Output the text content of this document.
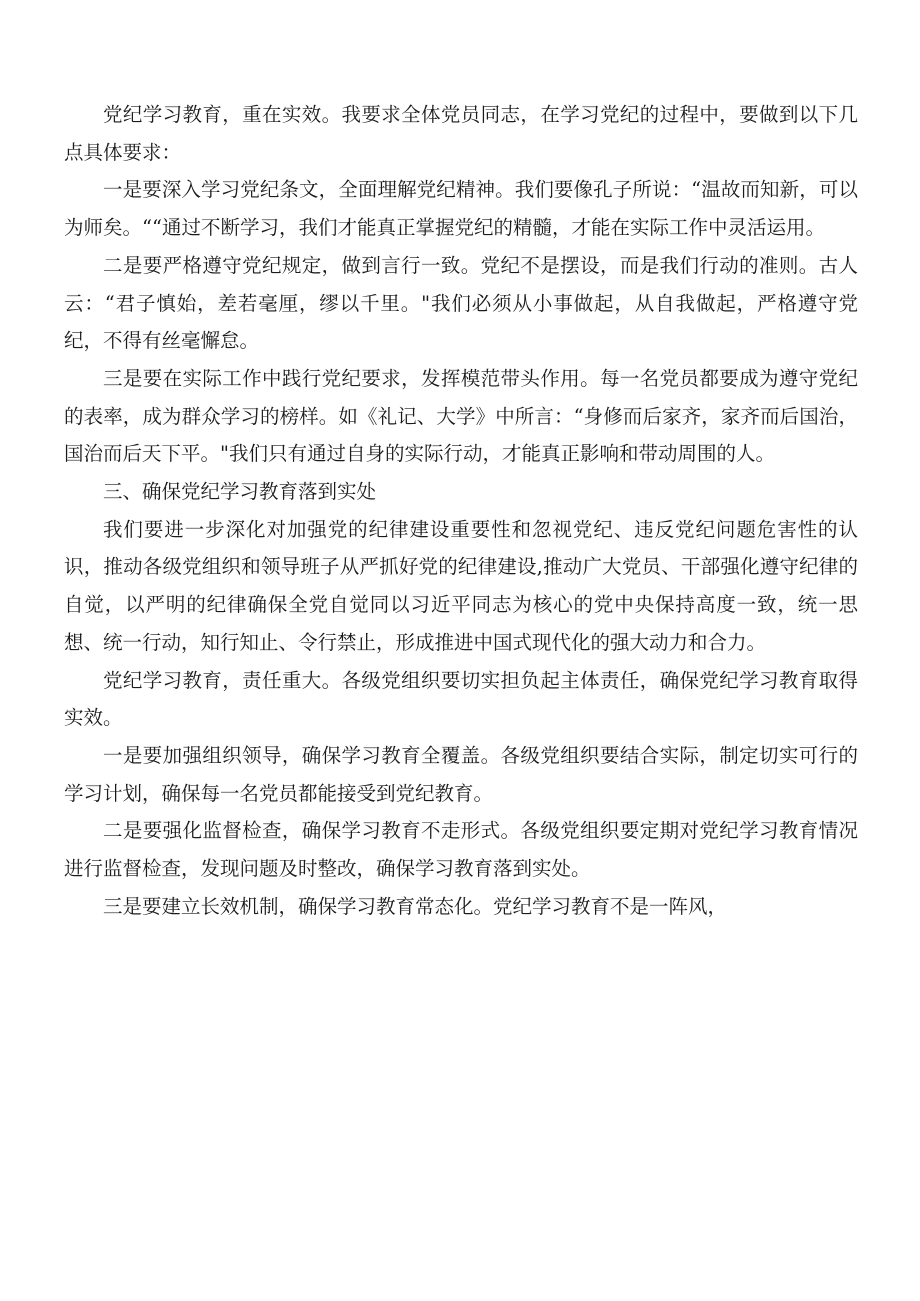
党纪学习教育，重在实效。我要求全体党员同志，在学习党纪的过程中，要做到以下几点具体要求：

一是要深入学习党纪条文，全面理解党纪精神。我们要像孔子所说：“温故而知新，可以为师矣。““通过不断学习，我们才能真正掌握党纪的精髓，才能在实际工作中灵活运用。

二是要严格遵守党纪规定，做到言行一致。党纪不是摆设，而是我们行动的准则。古人云：“君子慎始，差若毫厘，缪以千里。"我们必须从小事做起，从自我做起，严格遵守党纪，不得有丝毫懈怠。

三是要在实际工作中践行党纪要求，发挥模范带头作用。每一名党员都要成为遵守党纪的表率，成为群众学习的榜样。如《礼记、大学》中所言：“身修而后家齐，家齐而后国治，国治而后天下平。"我们只有通过自身的实际行动，才能真正影响和带动周围的人。

三、确保党纪学习教育落到实处

我们要进一步深化对加强党的纪律建设重要性和忽视党纪、违反党纪问题危害性的认识，推动各级党组织和领导班子从严抓好党的纪律建设,推动广大党员、干部强化遵守纪律的自觉，以严明的纪律确保全党自觉同以习近平同志为核心的党中央保持高度一致，统一思想、统一行动，知行知止、令行禁止，形成推进中国式现代化的强大动力和合力。

党纪学习教育，责任重大。各级党组织要切实担负起主体责任，确保党纪学习教育取得实效。

一是要加强组织领导，确保学习教育全覆盖。各级党组织要结合实际，制定切实可行的学习计划，确保每一名党员都能接受到党纪教育。

二是要强化监督检查，确保学习教育不走形式。各级党组织要定期对党纪学习教育情况进行监督检查，发现问题及时整改，确保学习教育落到实处。

三是要建立长效机制，确保学习教育常态化。党纪学习教育不是一阵风，
